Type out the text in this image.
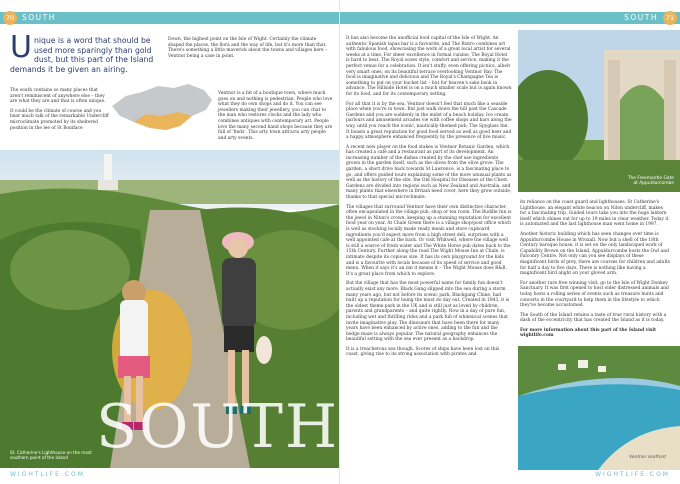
70	SOUTH
Unique is a word that should be used more sparingly than gold dust, but this part of the Island demands it be given an airing.

The south contains so many places that aren't reminiscent of anywhere else – they are what they are and that is often unique.

It could be the climate of course and you hear much talk of the remarkable Undercliff microclimate promoted by its sheltered position in the lee of St Boniface

Down, the highest point on the Isle of Wight. Certainly the climate shaped the places, the flora and the way of life, but it's more than that. There's something a little maverick about the towns and villages here – Ventnor being a case in point.

Ventnor is a bit of a boutique town, where much goes on and nothing is pedestrian. People who love what they do own shops and do it. You can see jewellers making their jewellery, you can chat to the man who restores clocks and the lady who combines antiques with contemporary art. People love the many second hand shops because they are full of 'finds'. This arty town attracts arty people and arty events.

SOUTH
St. Catherine's Lighthouse on the most southern point of the Island
WIGHTLIFE.COM
SOUTH	71

It has also become the unofficial food capital of the Isle of Wight. An authentic Spanish tapas bar is a favourite, and The Bistro combines art with fabulous food, showcasing the work of a great local artist for several weeks at a time. For sheer excellence in formal cuisine, The Royal Hotel is hard to beat. The Royal oozes style, comfort and service, making it the perfect venue for a celebration. It isn't stuffy, even offering picnics, albeit very smart ones, on its beautiful terrace overlooking Ventnor Bay. The food is imaginative and delicious and The Royal's Champagne Tea is something to put on your bucket list – but for heaven's sake book in advance. The Hillside Hotel is on a much smaller scale but is again known for its food, and for its contemporary setting.

For all that it is by the sea, Ventnor doesn't feel that much like a seaside place when you're in town. But just walk down the hill past the Cascade Gardens and you are suddenly in the midst of a beach holiday. Ice cream parlours and amusement arcades vie with coffee shops and bars along the way, until you reach the iconic, nautically-themed pub, The Spyglass Inn. It boasts a great reputation for good food served as well as good beer and a happy atmosphere enhanced frequently by the presence of live music.

A recent new player on the food stakes is Ventnor Botanic Garden, which has created a café and a restaurant as part of its development. An increasing number of the dishes created by the chef use ingredients grown in the garden itself, such as the olives from the olive grove. The garden, a short drive back towards St Lawrence, is a fascinating place to go, and offers guided tours explaining some of the more unusual plants as well as the history of the site, the Old Hospital for Diseases of the Chest. Gardens are divided into regions such as New Zealand and Australia, and many plants that elsewhere in Britain need cover, here they grow outside, thanks to that special microclimate.

The villages that surround Ventnor have their own distinctive character, often encapsulated in the village pub, shop or tea room. The Buddle Inn is the jewel in Niton's crown, keeping up a stunning reputation for excellent food year on year. At Chale Green there is a village shop/post office which is well as stocking locally made ready meals and store cupboard ingredients you'd expect more from a high street deli, surprises with a well appointed cafe at the back. Or visit Whitwell, where the village well is still a source of fresh water and The White Horse pub dates back to the 15th Century. Further along the road The Wight Mouse Inn at Chale, is intimate despite its copious size. It has its own playground for the kids and is a favourite with locals because of its speed of service and good menu. When it says it's an inn it means it – The Wight Mouse does B&B. It's a great place from which to explore.

But the village that has the most powerful name for family fun doesn't actually exist any more. Black Gang slipped into the sea during a storm many years ago, but not before its scenic park, Blackgang Chine, had built up a reputation for being the must do day out. Created in 1843, it is the oldest theme park in the UK and is still just as loved by children, parents and grandparents – and quite rightly. Now in a day of pure fun, including wet and thrilling rides and a park full of whimsical scenes that invite imaginative play. The dinosaurs that have been there for many years have been enhanced by active ones, adding to the fun and the hedge maze is always popular. The natural geography enhances the beautiful setting with the sea ever present as a backdrop.

It is a treacherous sea though. Scores of ships have been lost on this coast, giving rise to its strong association with pirates and

The Freemantle Gate at Appuldurcombe

its reliance on the coast guard and lighthouses. St Catherine's Lighthouse, an elegant white beacon on Niton undercliff, makes for a fascinating trip. Guided tours take you into the huge lantern itself which shines out for up to 19 miles in clear weather. Today it is automated and the last lighthouse man went home in 1997.

Another historic building which has seen changes over time is Appuldurcombe House in Wroxall. Now but a shell of the 18th Century baroque house, it is set on the only landscaped work of Capability Brown on the Island, Appuldurcombe hosts the Owl and Falconry Centre. Not only can you see displays of these magnificent birds of prey, there are courses for children and adults for half a day to five days. There is nothing like having a magnificent bird alight on your gloved arm.

For another rare free winning visit, go to the Isle of Wight Donkey Sanctuary. It was first opened to host older distressed animals and today hosts a rolling series of events such as treasure hunts and concerts in the courtyard to help them in the lifestyle to which they've become accustomed.

The South of the Island retains a taste of true rural history with a dash of the eccentricity that has created the Island as it is today.

For more information about this part of the Island visit wightlife.com

Ventnor seafront
WIGHTLIFE.COM
